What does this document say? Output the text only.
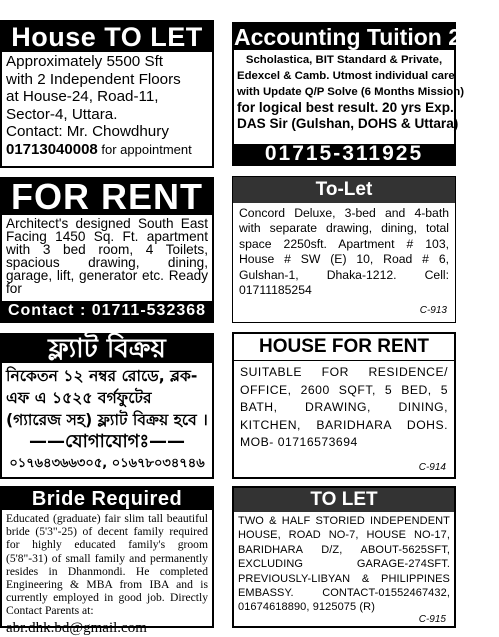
House TO LET
Approximately 5500 Sft
with 2 Independent Floors
at House-24, Road-11,
Sector-4, Uttara.
Contact: Mr. Chowdhury
01713040008 for appointment
Accounting Tuition 2015
Scholastica, BIT Standard & Private,
Edexcel & Camb. Utmost individual care
with Update Q/P Solve (6 Months Mission)
for logical best result. 20 yrs Exp.
DAS Sir (Gulshan, DOHS & Uttara)
01715-311925
FOR RENT
Architect's designed South East Facing 1450 Sq. Ft. apartment with 3 bed room, 4 Toilets, spacious drawing, dining, garage, lift, generator etc. Ready for
Contact : 01711-532368
To-Let
Concord Deluxe, 3-bed and 4-bath with separate drawing, dining, total space 2250sft. Apartment # 103, House # SW (E) 10, Road # 6, Gulshan-1, Dhaka-1212. Cell: 01711185254
C-913
ফ্ল্যাট বিক্রয়
নিকেতন ১২ নম্বর রোডে, ব্লক-এফ এ ১৫২৫ বর্গফুটের (গ্যারেজ সহ) ফ্ল্যাট বিক্রয় হবে ।
——যোগাযোগঃ——
০১৭৬৪৩৬৬৩০৫, ০১৬৭৮০৩৪৭৪৬
HOUSE FOR RENT
SUITABLE FOR RESIDENCE/ OFFICE, 2600 SQFT, 5 BED, 5 BATH, DRAWING, DINING, KITCHEN, BARIDHARA DOHS. MOB- 01716573694
C-914
Bride Required
Educated (graduate) fair slim tall beautiful bride (5'3"-25) of decent family required for highly educated family's groom (5'8"-31) of small family and permanently resides in Dhanmondi. He completed Engineering & MBA from IBA and is currently employed in good job. Directly Contact Parents at:
abr.dhk.bd@gmail.com
TO LET
TWO & HALF STORIED INDEPENDENT HOUSE, ROAD NO-7, HOUSE NO-17, BARIDHARA D/Z, ABOUT-5625SFT, EXCLUDING GARAGE-274SFT. PREVIOUSLY-LIBYAN & PHILIPPINES EMBASSY. CONTACT-01552467432, 01674618890, 9125075 (R)
C-915
